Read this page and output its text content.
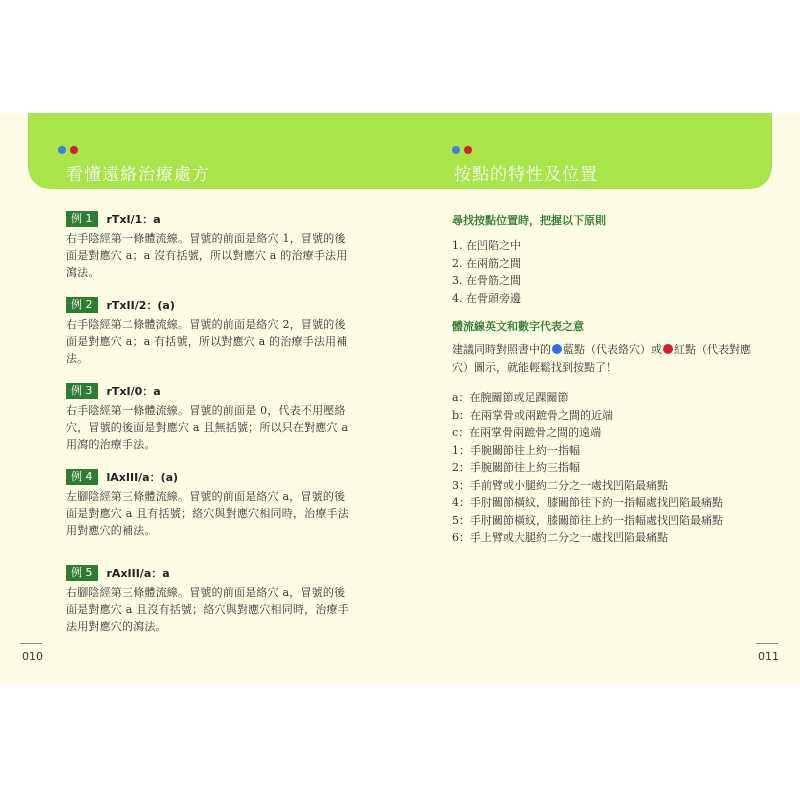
看懂遠絡治療處方	按點的特性及位置
例 1	rTxI/1：a

右手陰經第一條體流線。冒號的前面是絡穴 1，冒號的後面是對應穴 a；a 沒有括號，所以對應穴 a 的治療手法用瀉法。

例 2	rTxII/2：(a)

右手陰經第二條體流線。冒號的前面是絡穴 2，冒號的後面是對應穴 a；a 有括號，所以對應穴 a 的治療手法用補法。

例 3	rTxI/0：a

右手陰經第一條體流線。冒號的前面是 0，代表不用壓絡穴，冒號的後面是對應穴 a 且無括號；所以只在對應穴 a 用瀉的治療手法。

例 4	lAxIII/a：(a)

左腳陰經第三條體流線。冒號的前面是絡穴 a，冒號的後面是對應穴 a 且有括號；絡穴與對應穴相同時，治療手法用對應穴的補法。

例 5	rAxIII/a：a

右腳陰經第三條體流線。冒號的前面是絡穴 a，冒號的後面是對應穴 a 且沒有括號；絡穴與對應穴相同時，治療手法用對應穴的瀉法。

尋找按點位置時，把握以下原則

1. 在凹陷之中
2. 在兩筋之間
3. 在骨筋之間
4. 在骨頭旁邊

體流線英文和數字代表之意

建議同時對照書中的 藍點（代表絡穴）或 紅點（代表對應穴）圖示，就能輕鬆找到按點了！

a：在腕關節或足踝關節
b：在兩掌骨或兩蹠骨之間的近端
c：在兩掌骨兩蹠骨之間的遠端
1：手腕關節往上約一指幅
2：手腕關節往上約三指幅
3：手前臂或小腿約二分之一處找凹陷最痛點
4：手肘關節橫紋，膝關節往下約一指幅處找凹陷最痛點
5：手肘關節橫紋，膝關節往上約一指幅處找凹陷最痛點
6：手上臂或大腿約二分之一處找凹陷最痛點
010	011
